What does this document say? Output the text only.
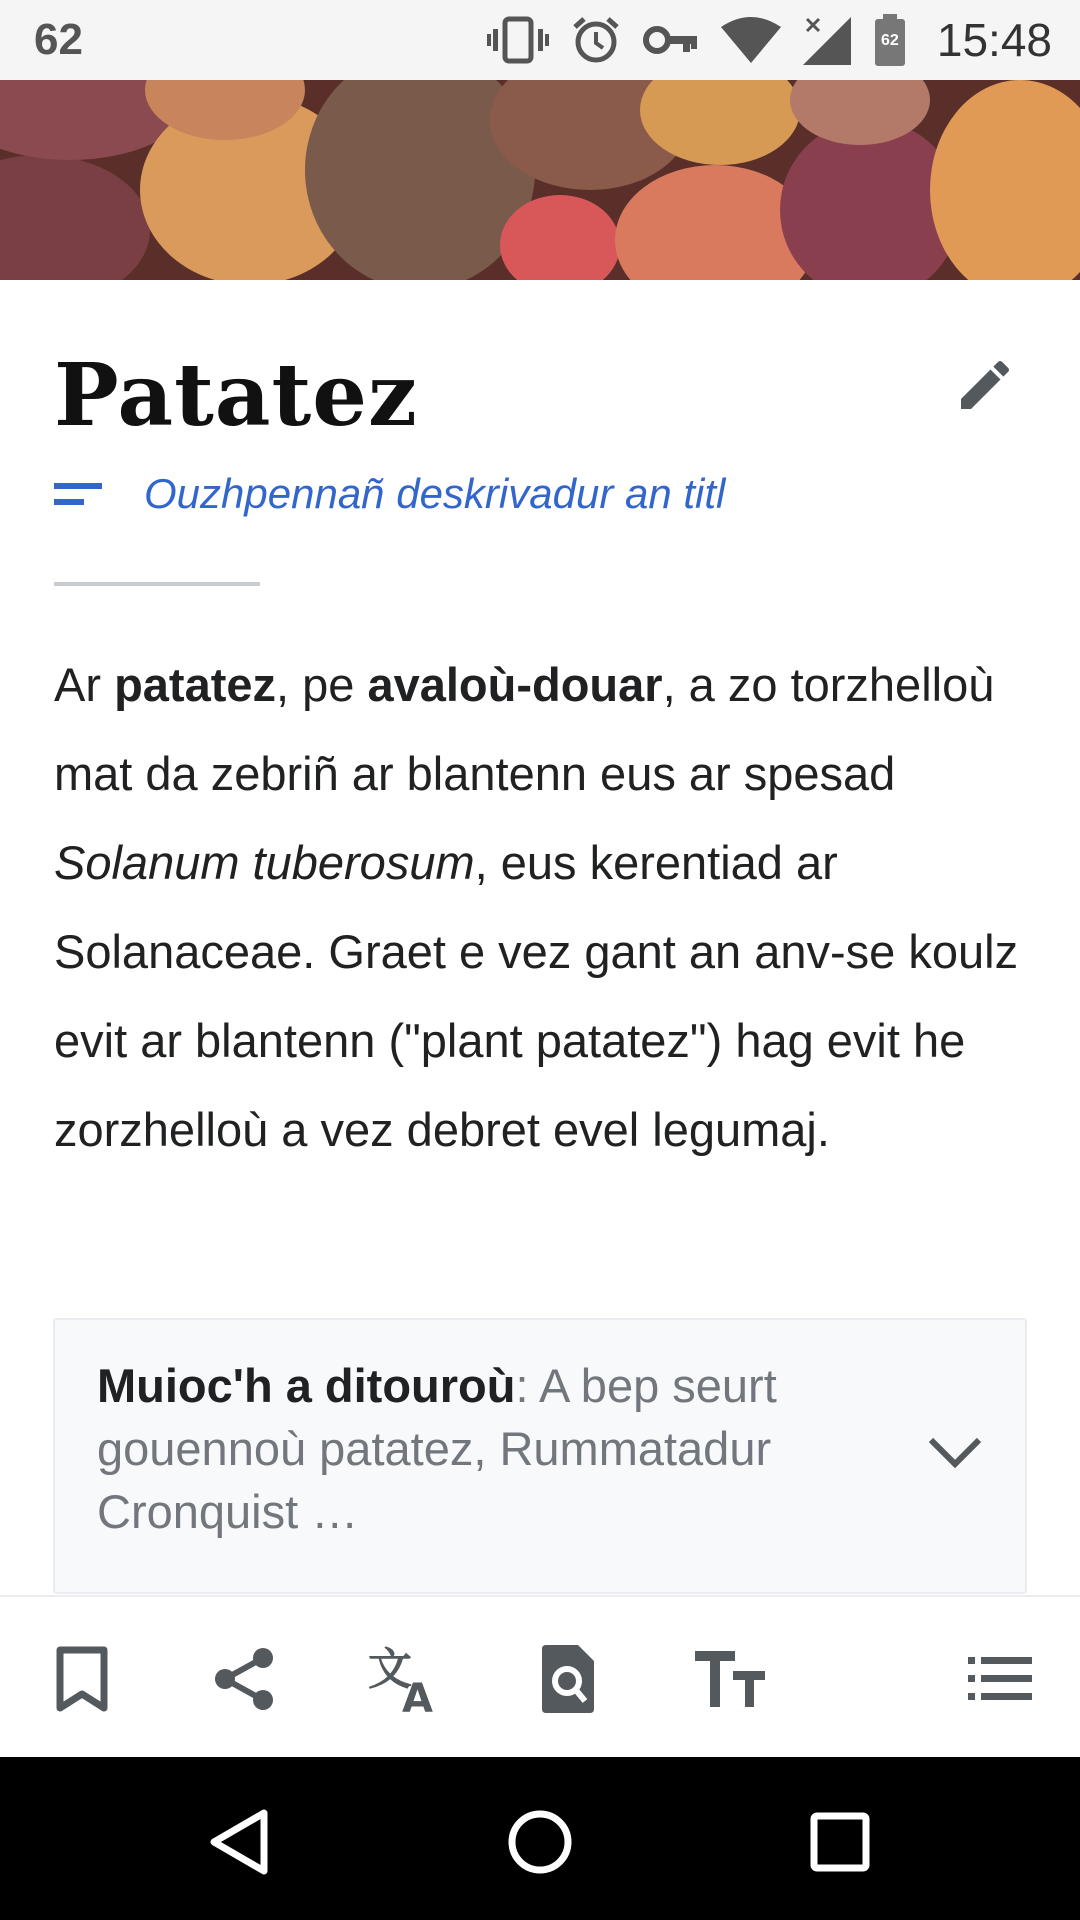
62	62 15:48
Patatez
Ouzhpennañ deskrivadur an titl

Ar patatez, pe avaloù-douar, a zo torzhelloù mat da zebriñ ar blantenn eus ar spesad Solanum tuberosum, eus kerentiad ar Solanaceae. Graet e vez gant an anv-se koulz evit ar blantenn ("plant patatez") hag evit he zorzhelloù a vez debret evel legumaj.

Muioc'h a ditouroù: A bep seurt gouennoù patatez, Rummatadur Cronquist …
文
A
